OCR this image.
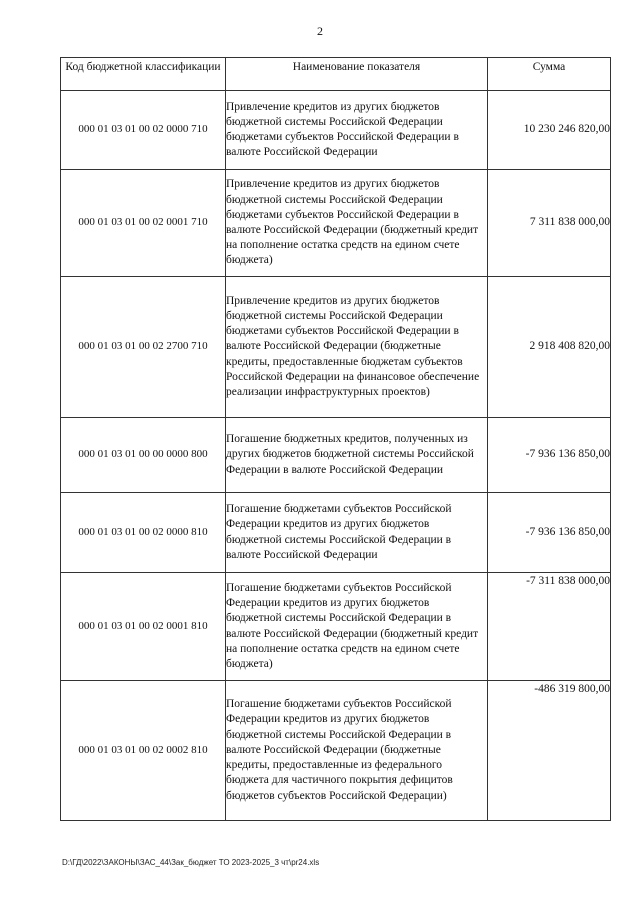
2
Код бюджетной классификации	Наименование показателя	Сумма
000 01 03 01 00 02 0000 710	Привлечение кредитов из других бюджетов бюджетной системы Российской Федерации бюджетами субъектов Российской Федерации в валюте Российской Федерации	10 230 246 820,00
000 01 03 01 00 02 0001 710	Привлечение кредитов из других бюджетов бюджетной системы Российской Федерации бюджетами субъектов Российской Федерации в валюте Российской Федерации (бюджетный кредит на пополнение остатка средств на едином счете бюджета)	7 311 838 000,00
000 01 03 01 00 02 2700 710	Привлечение кредитов из других бюджетов бюджетной системы Российской Федерации бюджетами субъектов Российской Федерации в валюте Российской Федерации (бюджетные кредиты, предоставленные бюджетам субъектов Российской Федерации на финансовое обеспечение реализации инфраструктурных проектов)	2 918 408 820,00
000 01 03 01 00 00 0000 800	Погашение бюджетных кредитов, полученных из других бюджетов бюджетной системы Российской Федерации в валюте Российской Федерации	-7 936 136 850,00
000 01 03 01 00 02 0000 810	Погашение бюджетами субъектов Российской Федерации кредитов из других бюджетов бюджетной системы Российской Федерации в валюте Российской Федерации	-7 936 136 850,00
000 01 03 01 00 02 0001 810	Погашение бюджетами субъектов Российской Федерации кредитов из других бюджетов бюджетной системы Российской Федерации в валюте Российской Федерации (бюджетный кредит на пополнение остатка средств на едином счете бюджета)	-7 311 838 000,00
000 01 03 01 00 02 0002 810	Погашение бюджетами субъектов Российской Федерации кредитов из других бюджетов бюджетной системы Российской Федерации в валюте Российской Федерации (бюджетные кредиты, предоставленные из федерального бюджета для частичного покрытия дефицитов бюджетов субъектов Российской Федерации)	-486 319 800,00
D:\ГД\2022\ЗАКОНЫ\ЗАС_44\Зак_бюджет ТО 2023-2025_3 чт\pr24.xls
